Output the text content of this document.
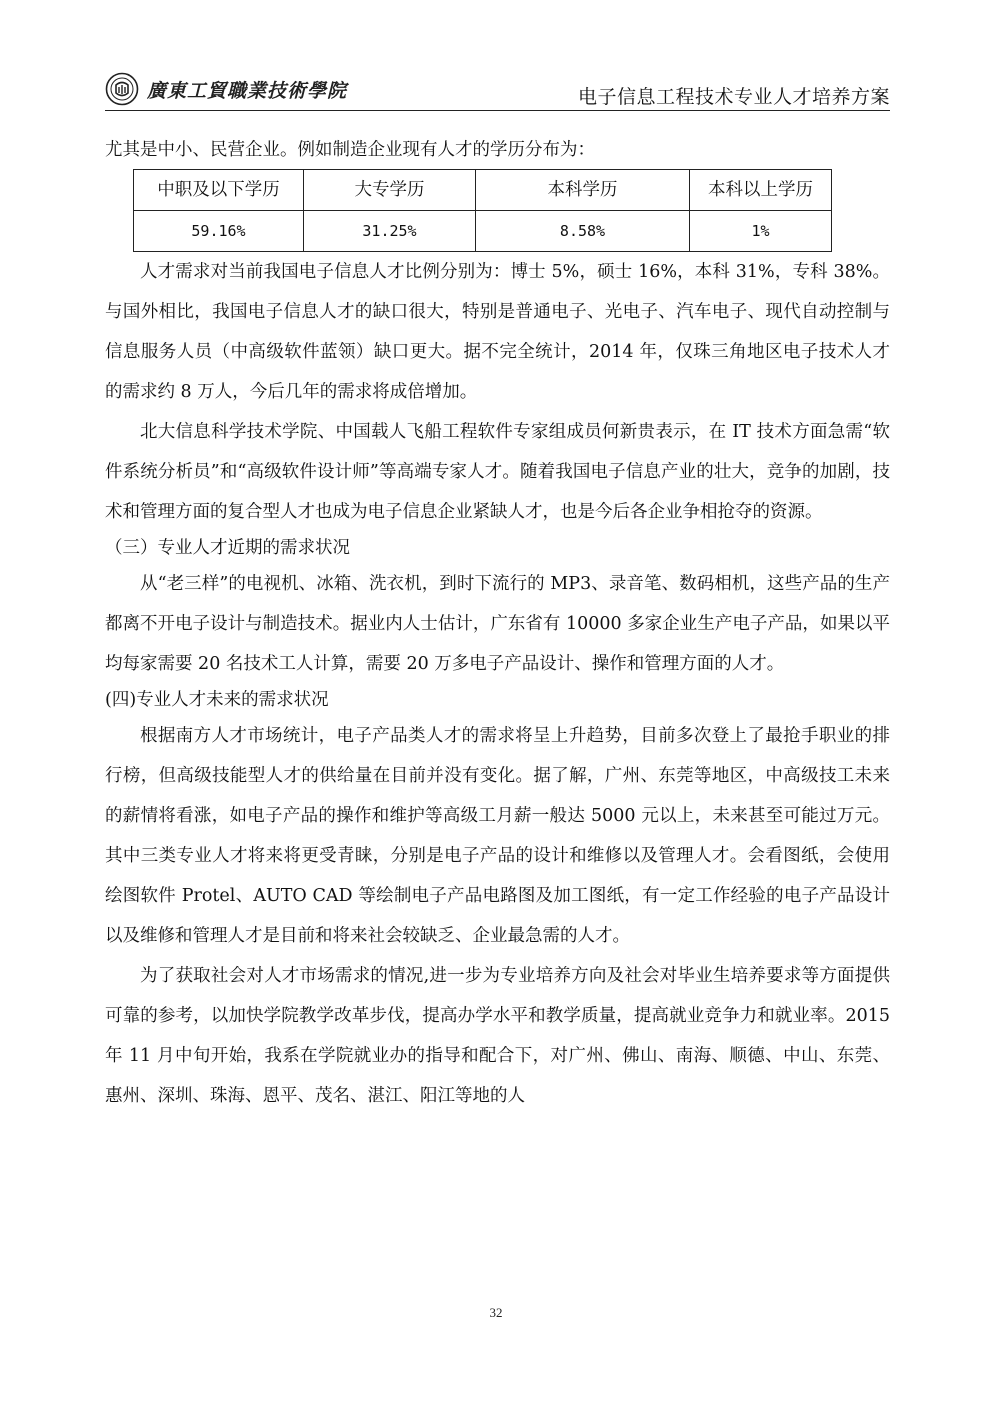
廣東工貿職業技術學院	电子信息工程技术专业人才培养方案

尤其是中小、民营企业。例如制造企业现有人才的学历分布为：

中职及以下学历	大专学历	本科学历	本科以上学历
59.16%	31.25%	8.58%	1%

人才需求对当前我国电子信息人才比例分别为：博士 5%，硕士 16%，本科 31%，专科 38%。与国外相比，我国电子信息人才的缺口很大，特别是普通电子、光电子、汽车电子、现代自动控制与信息服务人员（中高级软件蓝领）缺口更大。据不完全统计，2014 年，仅珠三角地区电子技术人才的需求约 8 万人，今后几年的需求将成倍增加。

北大信息科学技术学院、中国载人飞船工程软件专家组成员何新贵表示，在 IT 技术方面急需“软件系统分析员”和“高级软件设计师”等高端专家人才。随着我国电子信息产业的壮大，竞争的加剧，技术和管理方面的复合型人才也成为电子信息企业紧缺人才，也是今后各企业争相抢夺的资源。

（三）专业人才近期的需求状况

从“老三样”的电视机、冰箱、洗衣机，到时下流行的 MP3、录音笔、数码相机，这些产品的生产都离不开电子设计与制造技术。据业内人士估计，广东省有 10000 多家企业生产电子产品，如果以平均每家需要 20 名技术工人计算，需要 20 万多电子产品设计、操作和管理方面的人才。

(四)专业人才未来的需求状况

根据南方人才市场统计，电子产品类人才的需求将呈上升趋势，目前多次登上了最抢手职业的排行榜，但高级技能型人才的供给量在目前并没有变化。据了解，广州、东莞等地区，中高级技工未来的薪情将看涨，如电子产品的操作和维护等高级工月薪一般达 5000 元以上，未来甚至可能过万元。其中三类专业人才将来将更受青睐，分别是电子产品的设计和维修以及管理人才。会看图纸，会使用绘图软件 Protel、AUTO CAD 等绘制电子产品电路图及加工图纸，有一定工作经验的电子产品设计以及维修和管理人才是目前和将来社会较缺乏、企业最急需的人才。

为了获取社会对人才市场需求的情况,进一步为专业培养方向及社会对毕业生培养要求等方面提供可靠的参考，以加快学院教学改革步伐，提高办学水平和教学质量，提高就业竞争力和就业率。2015 年 11 月中旬开始，我系在学院就业办的指导和配合下，对广州、佛山、南海、顺德、中山、东莞、惠州、深圳、珠海、恩平、茂名、湛江、阳江等地的人

32
